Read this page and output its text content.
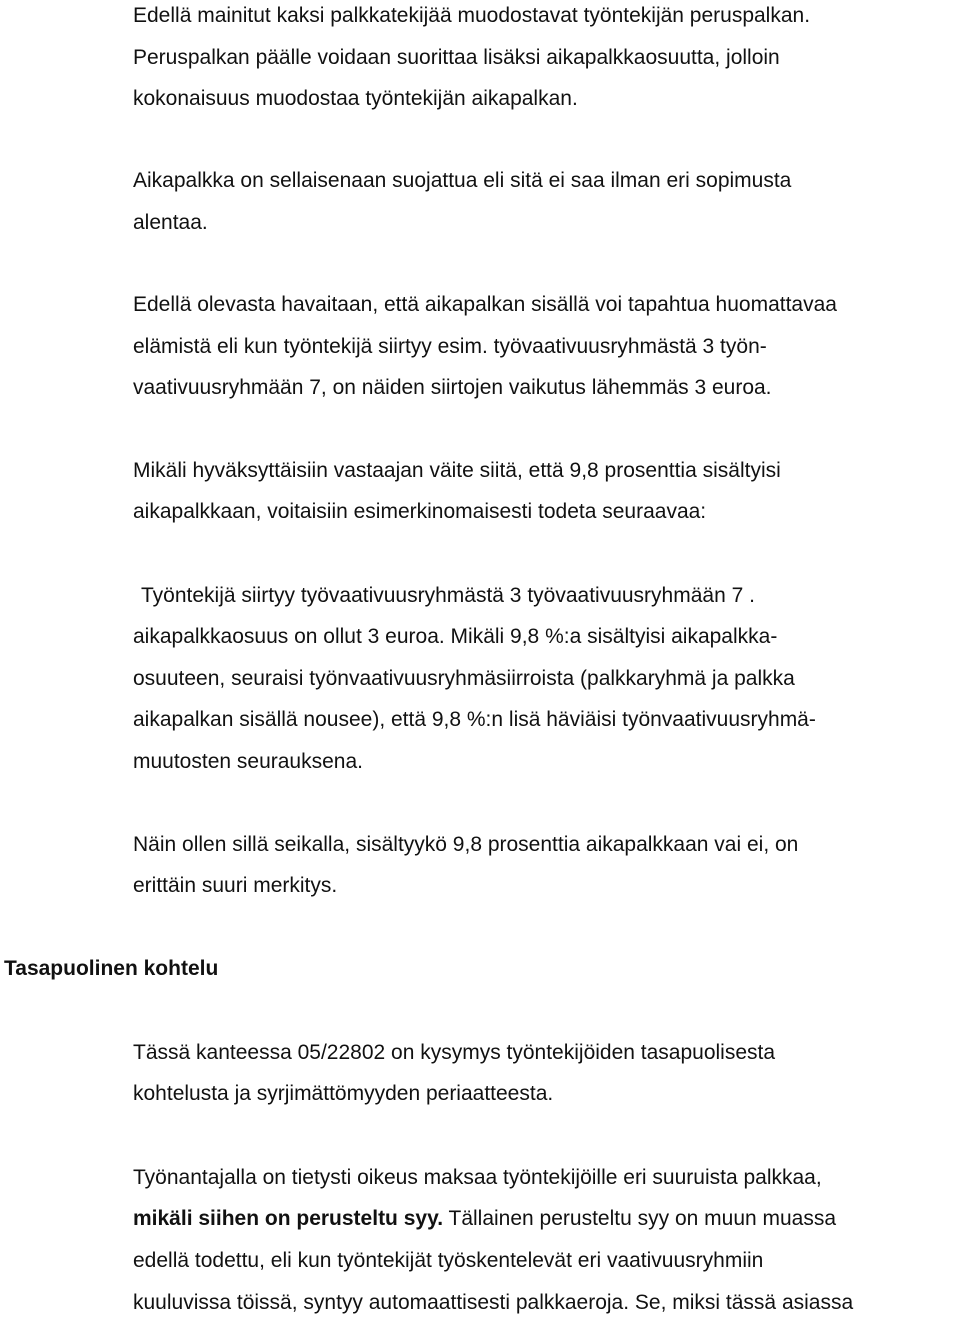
Edellä mainitut kaksi palkkatekijää muodostavat työntekijän peruspalkan.
Peruspalkan päälle voidaan suorittaa lisäksi aikapalkkaosuutta, jolloin
kokonaisuus muodostaa työntekijän aikapalkan.
Aikapalkka on sellaisenaan suojattua eli sitä ei saa ilman eri sopimusta
alentaa.
Edellä olevasta havaitaan, että aikapalkan sisällä voi tapahtua huomattavaa
elämistä eli kun työntekijä siirtyy esim. työvaativuusryhmästä 3 työn-
vaativuusryhmään 7, on näiden siirtojen vaikutus lähemmäs 3 euroa.
Mikäli hyväksyttäisiin vastaajan väite siitä, että 9,8 prosenttia sisältyisi
aikapalkkaan, voitaisiin esimerkinomaisesti todeta seuraavaa:
Työntekijä siirtyy työvaativuusryhmästä 3 työvaativuusryhmään 7 .
aikapalkkaosuus on ollut 3 euroa. Mikäli 9,8 %:a sisältyisi aikapalkka-
osuuteen, seuraisi työnvaativuusryhmäsiirroista (palkkaryhmä ja palkka
aikapalkan sisällä nousee), että 9,8 %:n lisä häviäisi työnvaativuusryhmä-
muutosten seurauksena.
Näin ollen sillä seikalla, sisältyykö 9,8 prosenttia aikapalkkaan vai ei, on
erittäin suuri merkitys.
Tasapuolinen kohtelu
Tässä kanteessa 05/22802 on kysymys työntekijöiden tasapuolisesta
kohtelusta ja syrjimättömyyden periaatteesta.
Työnantajalla on tietysti oikeus maksaa työntekijöille eri suuruista palkkaa,
mikäli siihen on perusteltu syy. Tällainen perusteltu syy on muun muassa
edellä todettu, eli kun työntekijät työskentelevät eri vaativuusryhmiin
kuuluvissa töissä, syntyy automaattisesti palkkaeroja. Se, miksi tässä asiassa
